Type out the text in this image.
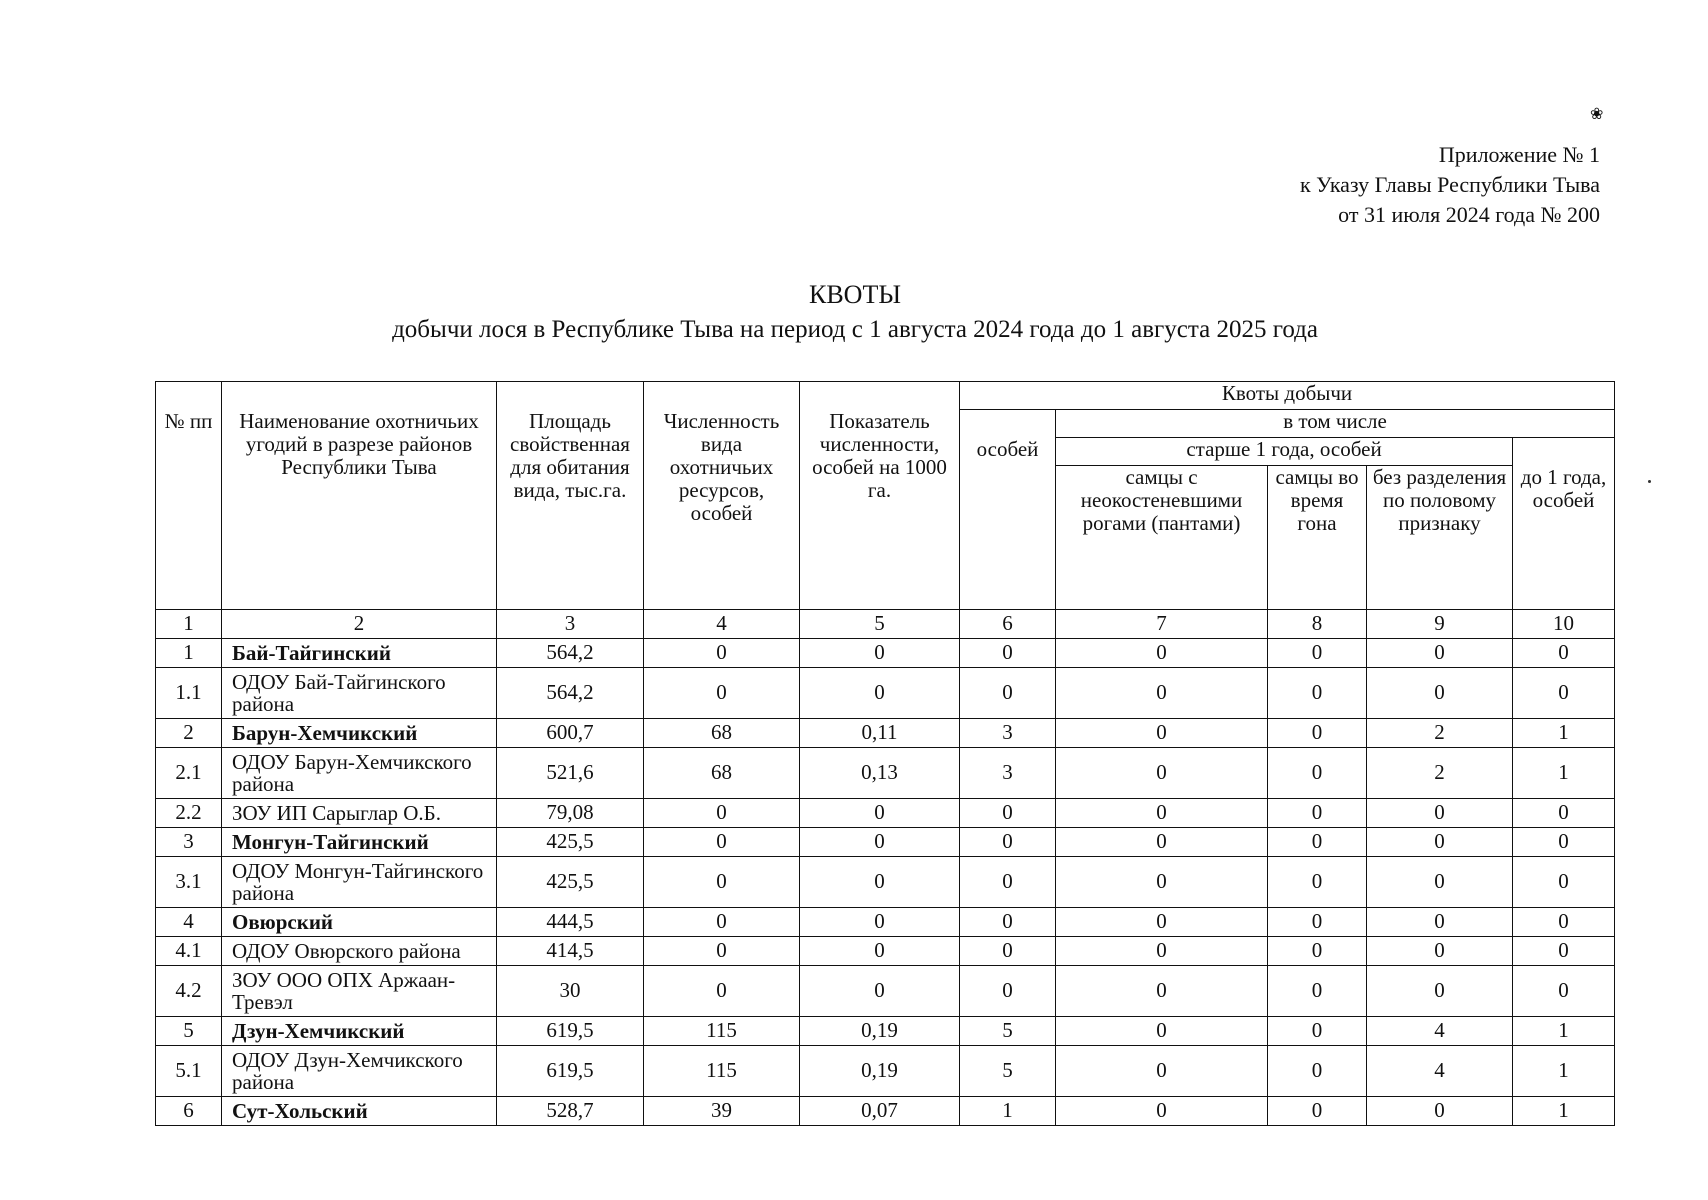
❀
Приложение № 1
к Указу Главы Республики Тыва
от 31 июля 2024 года № 200
КВОТЫ
добычи лося в Республике Тыва на период с 1 августа 2024 года до 1 августа 2025 года
№ пп	Наименование охотничьих угодий в разрезе районов Республики Тыва	Площадь свойственная для обитания вида, тыс.га.	Численность вида охотничьих ресурсов, особей	Показатель численности, особей на 1000 га.	Квоты добычи				
					особей	в том числе			
						старше 1 года, особей			до 1 года, особей
						самцы с неокостеневшими рогами (пантами)	самцы во время гона	без разделения по половому признаку	
1	2	3	4	5	6	7	8	9	10
1	Бай-Тайгинский	564,2	0	0	0	0	0	0	0
1.1	ОДОУ Бай-Тайгинского района	564,2	0	0	0	0	0	0	0
2	Барун-Хемчикский	600,7	68	0,11	3	0	0	2	1
2.1	ОДОУ Барун-Хемчикского района	521,6	68	0,13	3	0	0	2	1
2.2	ЗОУ ИП Сарыглар О.Б.	79,08	0	0	0	0	0	0	0
3	Монгун-Тайгинский	425,5	0	0	0	0	0	0	0
3.1	ОДОУ Монгун-Тайгинского района	425,5	0	0	0	0	0	0	0
4	Овюрский	444,5	0	0	0	0	0	0	0
4.1	ОДОУ Овюрского района	414,5	0	0	0	0	0	0	0
4.2	ЗОУ ООО ОПХ Аржаан-Тревэл	30	0	0	0	0	0	0	0
5	Дзун-Хемчикский	619,5	115	0,19	5	0	0	4	1
5.1	ОДОУ Дзун-Хемчикского района	619,5	115	0,19	5	0	0	4	1
6	Сут-Хольский	528,7	39	0,07	1	0	0	0	1
